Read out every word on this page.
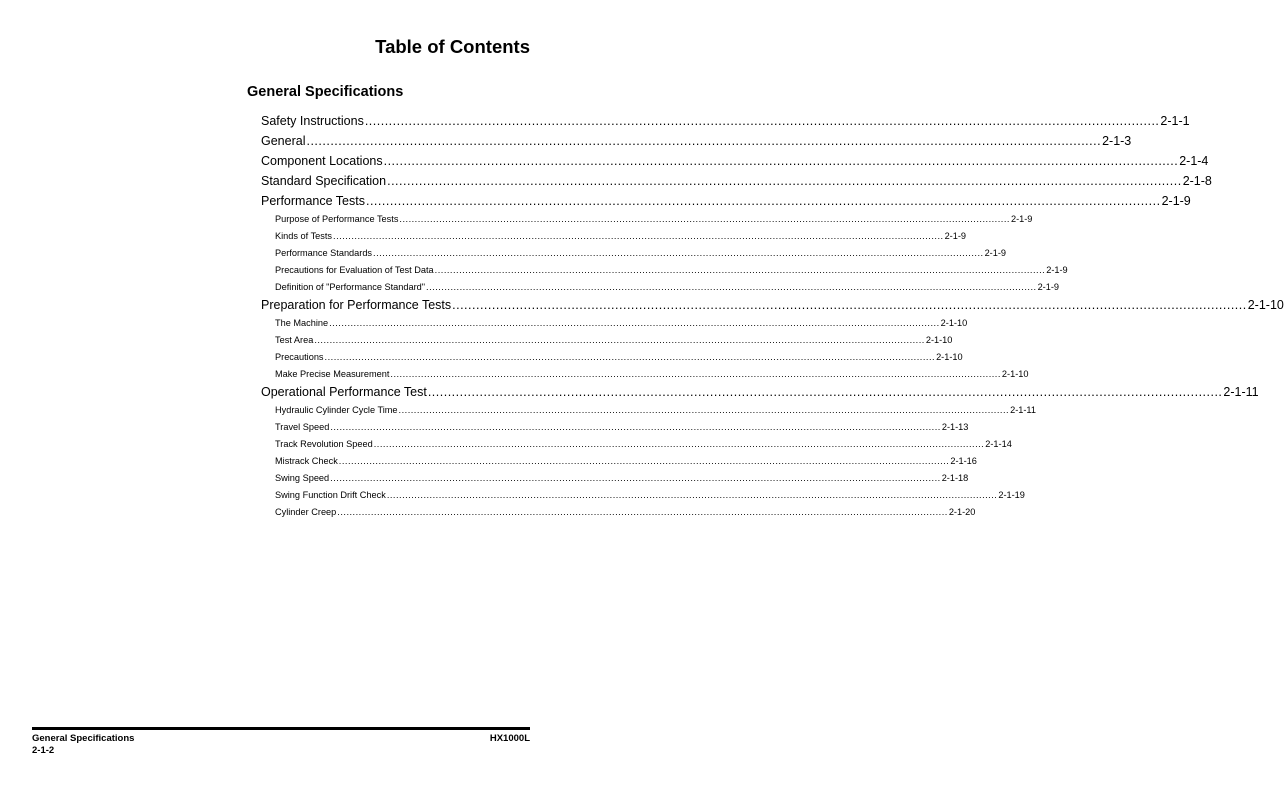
Table of Contents
General Specifications
Safety Instructions ........................................................................................................................................................................................................ 2-1-1
General ........................................................................................................................................................................................................ 2-1-3
Component Locations ........................................................................................................................................................................................................ 2-1-4
Standard Specification ........................................................................................................................................................................................................ 2-1-8
Performance Tests ........................................................................................................................................................................................................ 2-1-9
Purpose of Performance Tests ........................................................................................................................................................................................................ 2-1-9
Kinds of Tests ........................................................................................................................................................................................................ 2-1-9
Performance Standards ........................................................................................................................................................................................................ 2-1-9
Precautions for Evaluation of Test Data ........................................................................................................................................................................................................ 2-1-9
Definition of "Performance Standard" ........................................................................................................................................................................................................ 2-1-9
Preparation for Performance Tests ........................................................................................................................................................................................................ 2-1-10
The Machine ........................................................................................................................................................................................................ 2-1-10
Test Area ........................................................................................................................................................................................................ 2-1-10
Precautions ........................................................................................................................................................................................................ 2-1-10
Make Precise Measurement ........................................................................................................................................................................................................ 2-1-10
Operational Performance Test ........................................................................................................................................................................................................ 2-1-11
Hydraulic Cylinder Cycle Time ........................................................................................................................................................................................................ 2-1-11
Travel Speed ........................................................................................................................................................................................................ 2-1-13
Track Revolution Speed ........................................................................................................................................................................................................ 2-1-14
Mistrack Check ........................................................................................................................................................................................................ 2-1-16
Swing Speed ........................................................................................................................................................................................................ 2-1-18
Swing Function Drift Check ........................................................................................................................................................................................................ 2-1-19
Cylinder Creep ........................................................................................................................................................................................................ 2-1-20
General Specifications
2-1-2
HX1000L
